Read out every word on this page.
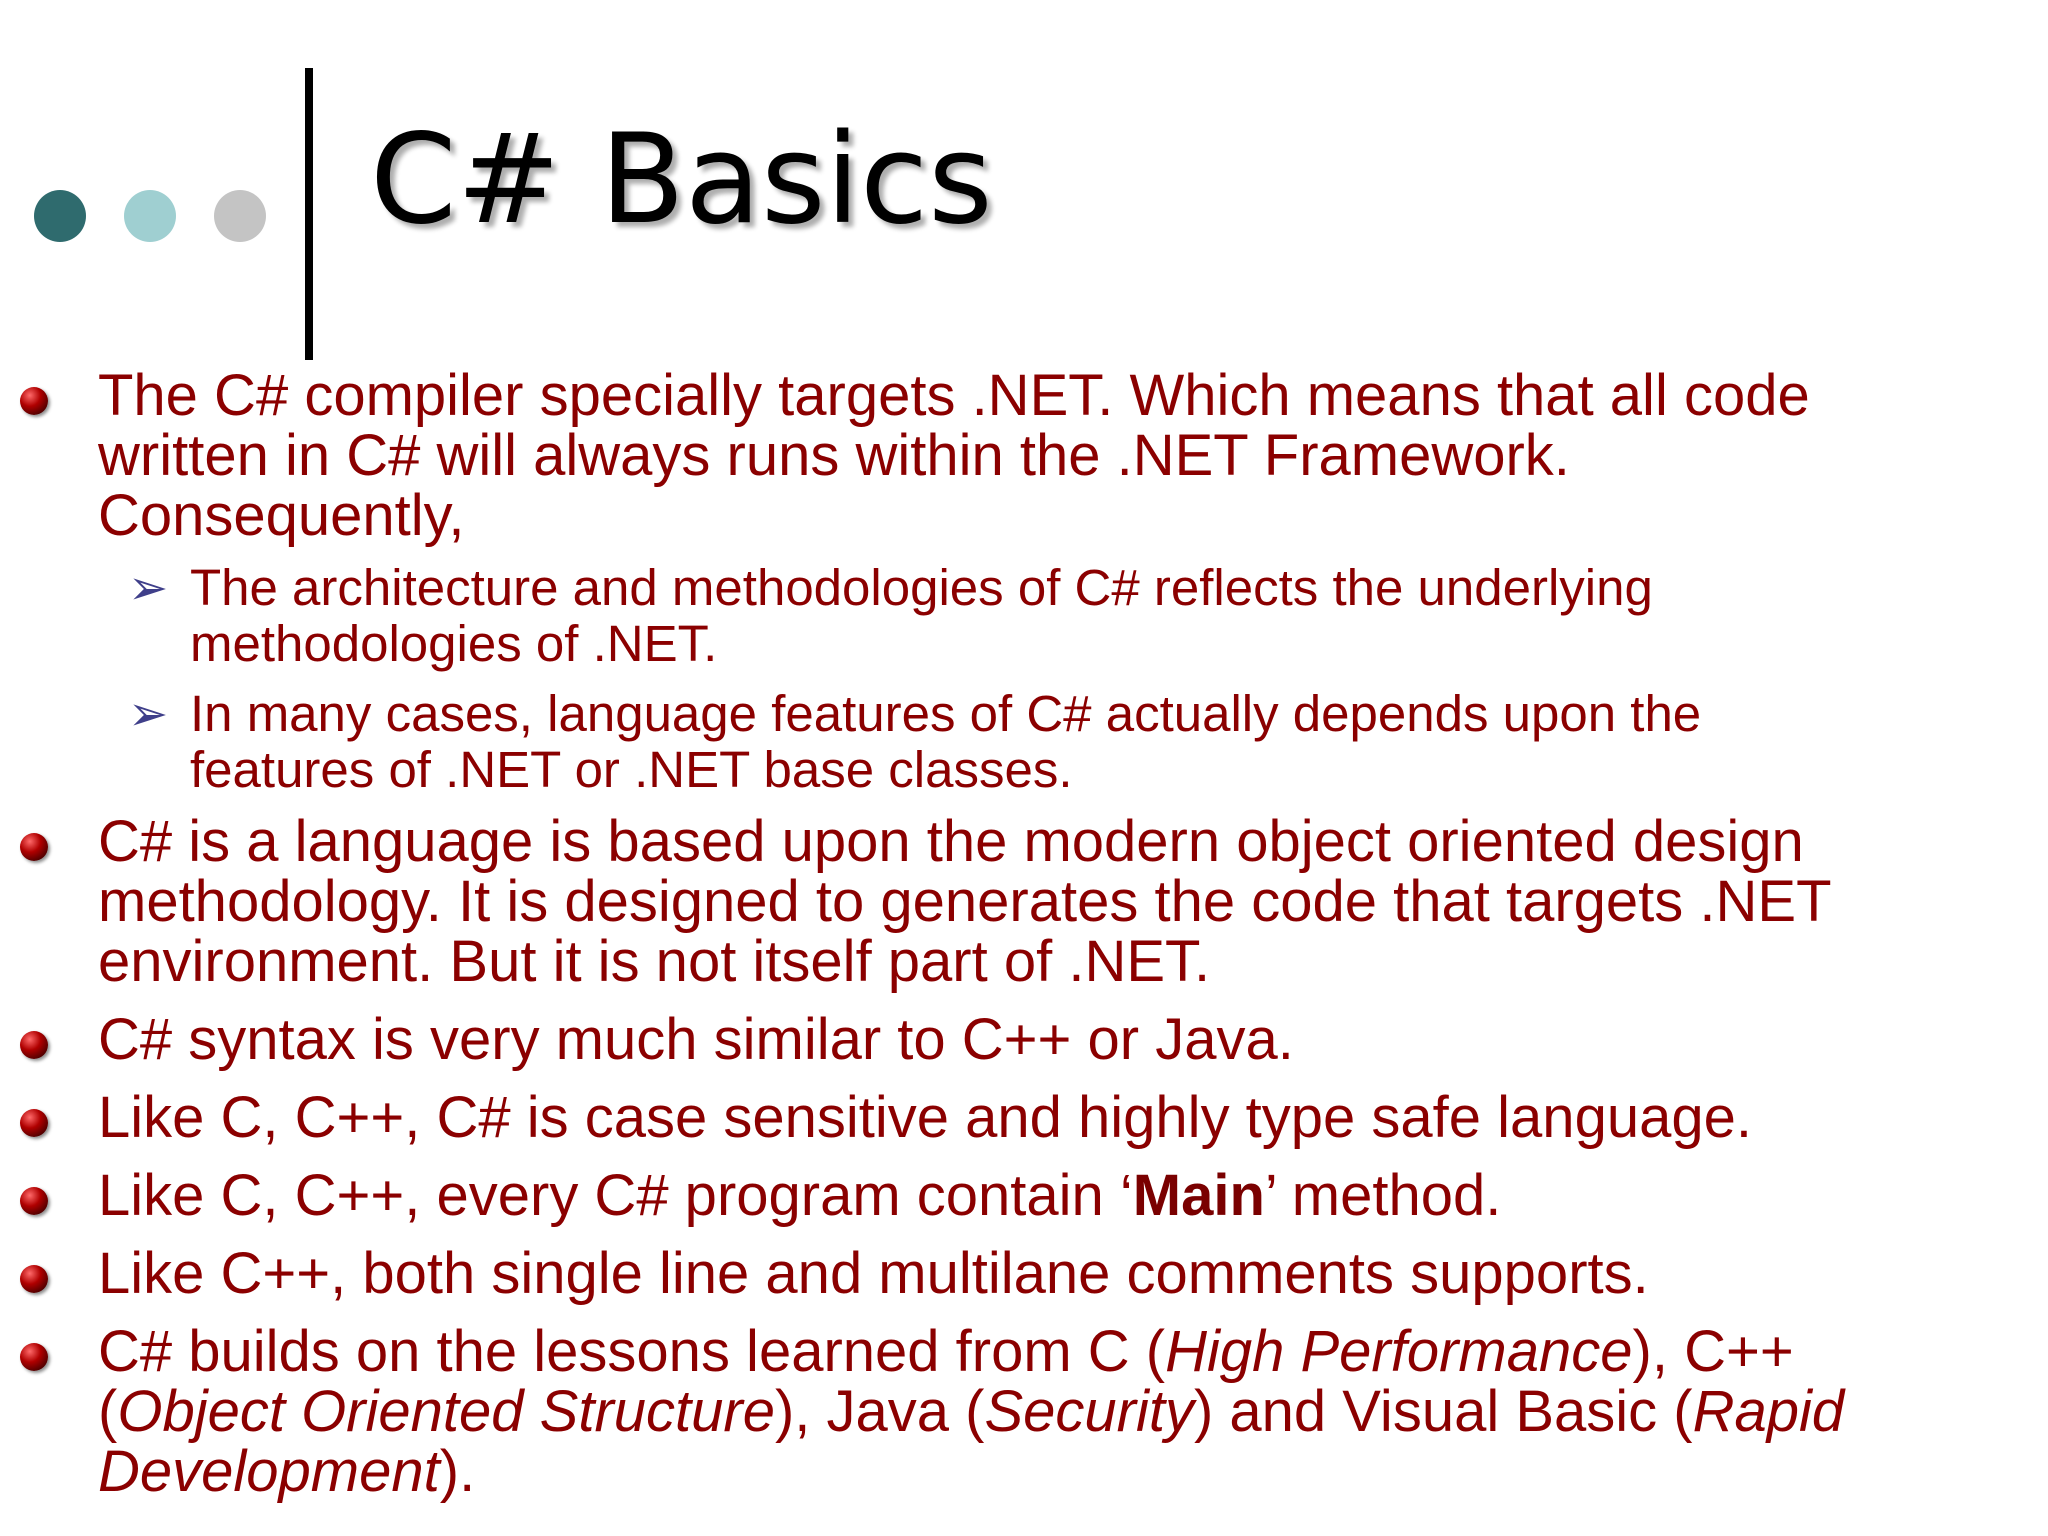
C# Basics
The C# compiler specially targets .NET. Which means that all code
written in C# will always runs within the .NET Framework.
Consequently,
➢ The architecture and methodologies of C# reflects the underlying
methodologies of .NET.
➢ In many cases, language features of C# actually depends upon the
features of .NET or .NET base classes.
C# is a language is based upon the modern object oriented design
methodology. It is designed to generates the code that targets .NET
environment. But it is not itself part of .NET.
C# syntax is very much similar to C++ or Java.
Like C, C++, C# is case sensitive and highly type safe language.
Like C, C++, every C# program contain ‘Main’ method.
Like C++, both single line and multilane comments supports.
C# builds on the lessons learned from C (High Performance), C++
(Object Oriented Structure), Java (Security) and Visual Basic (Rapid
Development).
